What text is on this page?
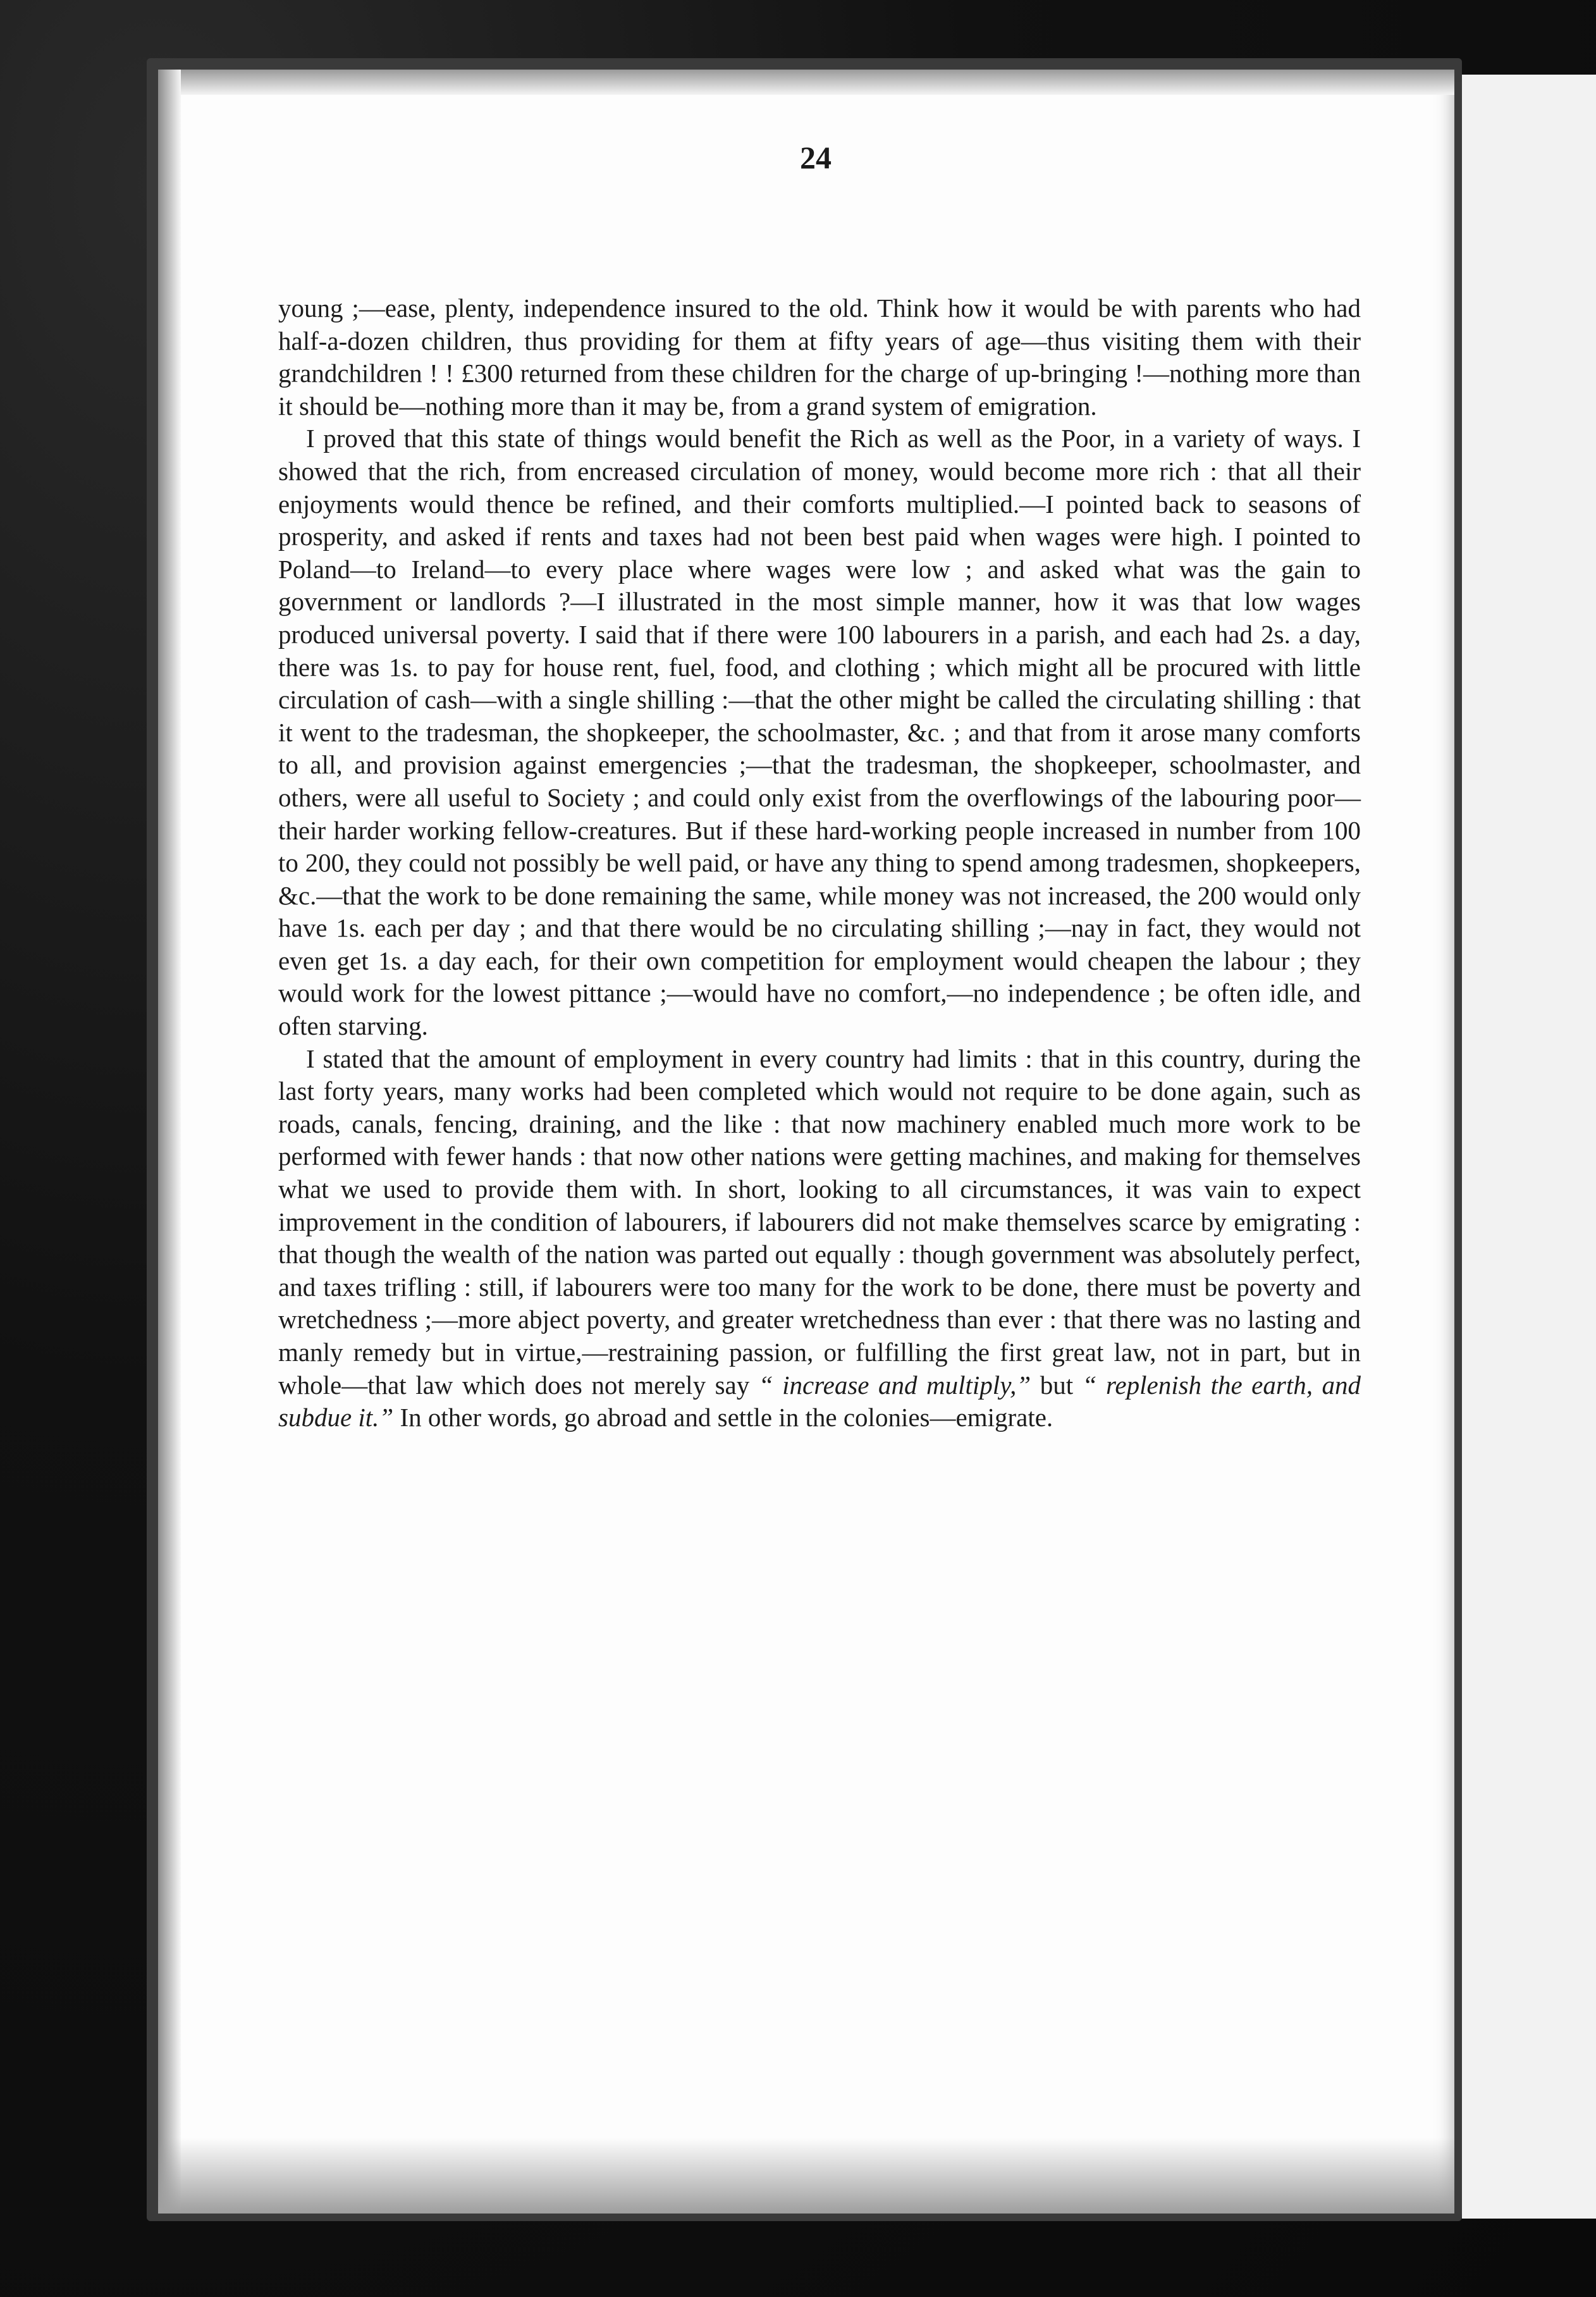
24

young ;—ease, plenty, independence insured to the old. Think how it would be with parents who had half-a-dozen children, thus providing for them at fifty years of age—thus visiting them with their grandchildren ! ! £300 returned from these children for the charge of up-bringing !—nothing more than it should be—nothing more than it may be, from a grand system of emigration.

I proved that this state of things would benefit the Rich as well as the Poor, in a variety of ways. I showed that the rich, from encreased circulation of money, would become more rich : that all their enjoyments would thence be refined, and their comforts multiplied.—I pointed back to seasons of prosperity, and asked if rents and taxes had not been best paid when wages were high. I pointed to Poland—to Ireland—to every place where wages were low ; and asked what was the gain to government or landlords ?—I illustrated in the most simple manner, how it was that low wages produced universal poverty. I said that if there were 100 labourers in a parish, and each had 2s. a day, there was 1s. to pay for house rent, fuel, food, and clothing ; which might all be procured with little circulation of cash—with a single shilling :—that the other might be called the circulating shilling : that it went to the tradesman, the shopkeeper, the schoolmaster, &c. ; and that from it arose many comforts to all, and provision against emergencies ;—that the tradesman, the shopkeeper, schoolmaster, and others, were all useful to Society ; and could only exist from the overflowings of the labouring poor—their harder working fellow-creatures. But if these hard-working people increased in number from 100 to 200, they could not possibly be well paid, or have any thing to spend among tradesmen, shopkeepers, &c.—that the work to be done remaining the same, while money was not increased, the 200 would only have 1s. each per day ; and that there would be no circulating shilling ;—nay in fact, they would not even get 1s. a day each, for their own competition for employment would cheapen the labour ; they would work for the lowest pittance ;—would have no comfort,—no independence ; be often idle, and often starving.

I stated that the amount of employment in every country had limits : that in this country, during the last forty years, many works had been completed which would not require to be done again, such as roads, canals, fencing, draining, and the like : that now machinery enabled much more work to be performed with fewer hands : that now other nations were getting machines, and making for themselves what we used to provide them with. In short, looking to all circumstances, it was vain to expect improvement in the condition of labourers, if labourers did not make themselves scarce by emigrating : that though the wealth of the nation was parted out equally : though government was absolutely perfect, and taxes trifling : still, if labourers were too many for the work to be done, there must be poverty and wretchedness ;—more abject poverty, and greater wretchedness than ever : that there was no lasting and manly remedy but in virtue,—restraining passion, or fulfilling the first great law, not in part, but in whole—that law which does not merely say “ increase and multiply,” but “ replenish the earth, and subdue it.” In other words, go abroad and settle in the colonies—emigrate.
